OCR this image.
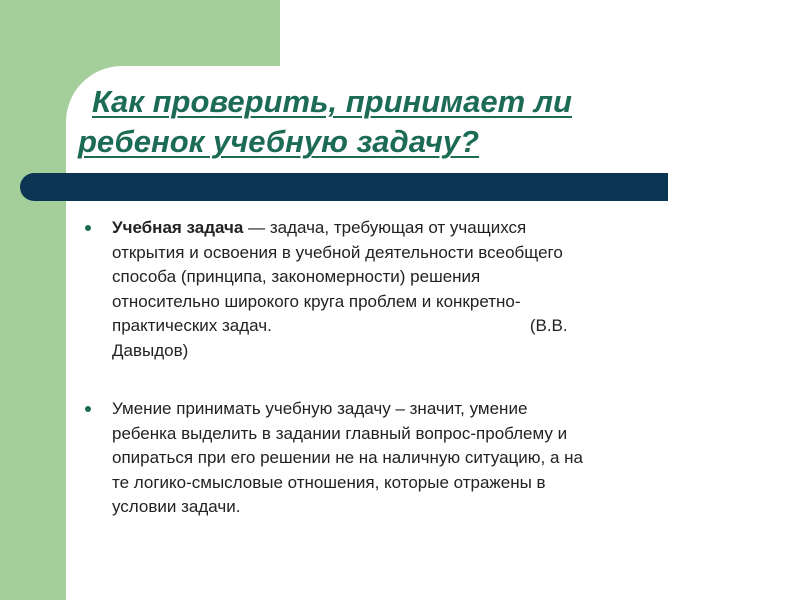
Как проверить, принимает ли
ребенок учебную задачу?
Учебная задача — задача, требующая от учащихся
открытия и освоения в учебной деятельности всеобщего
способа (принципа, закономерности) решения
относительно широкого круга проблем и конкретно-
практических задач.	(В.В.
Давыдов)
Умение принимать учебную задачу – значит, умение
ребенка выделить в задании главный вопрос-проблему и
опираться при его решении не на наличную ситуацию, а на
те логико-смысловые отношения, которые отражены в
условии задачи.
